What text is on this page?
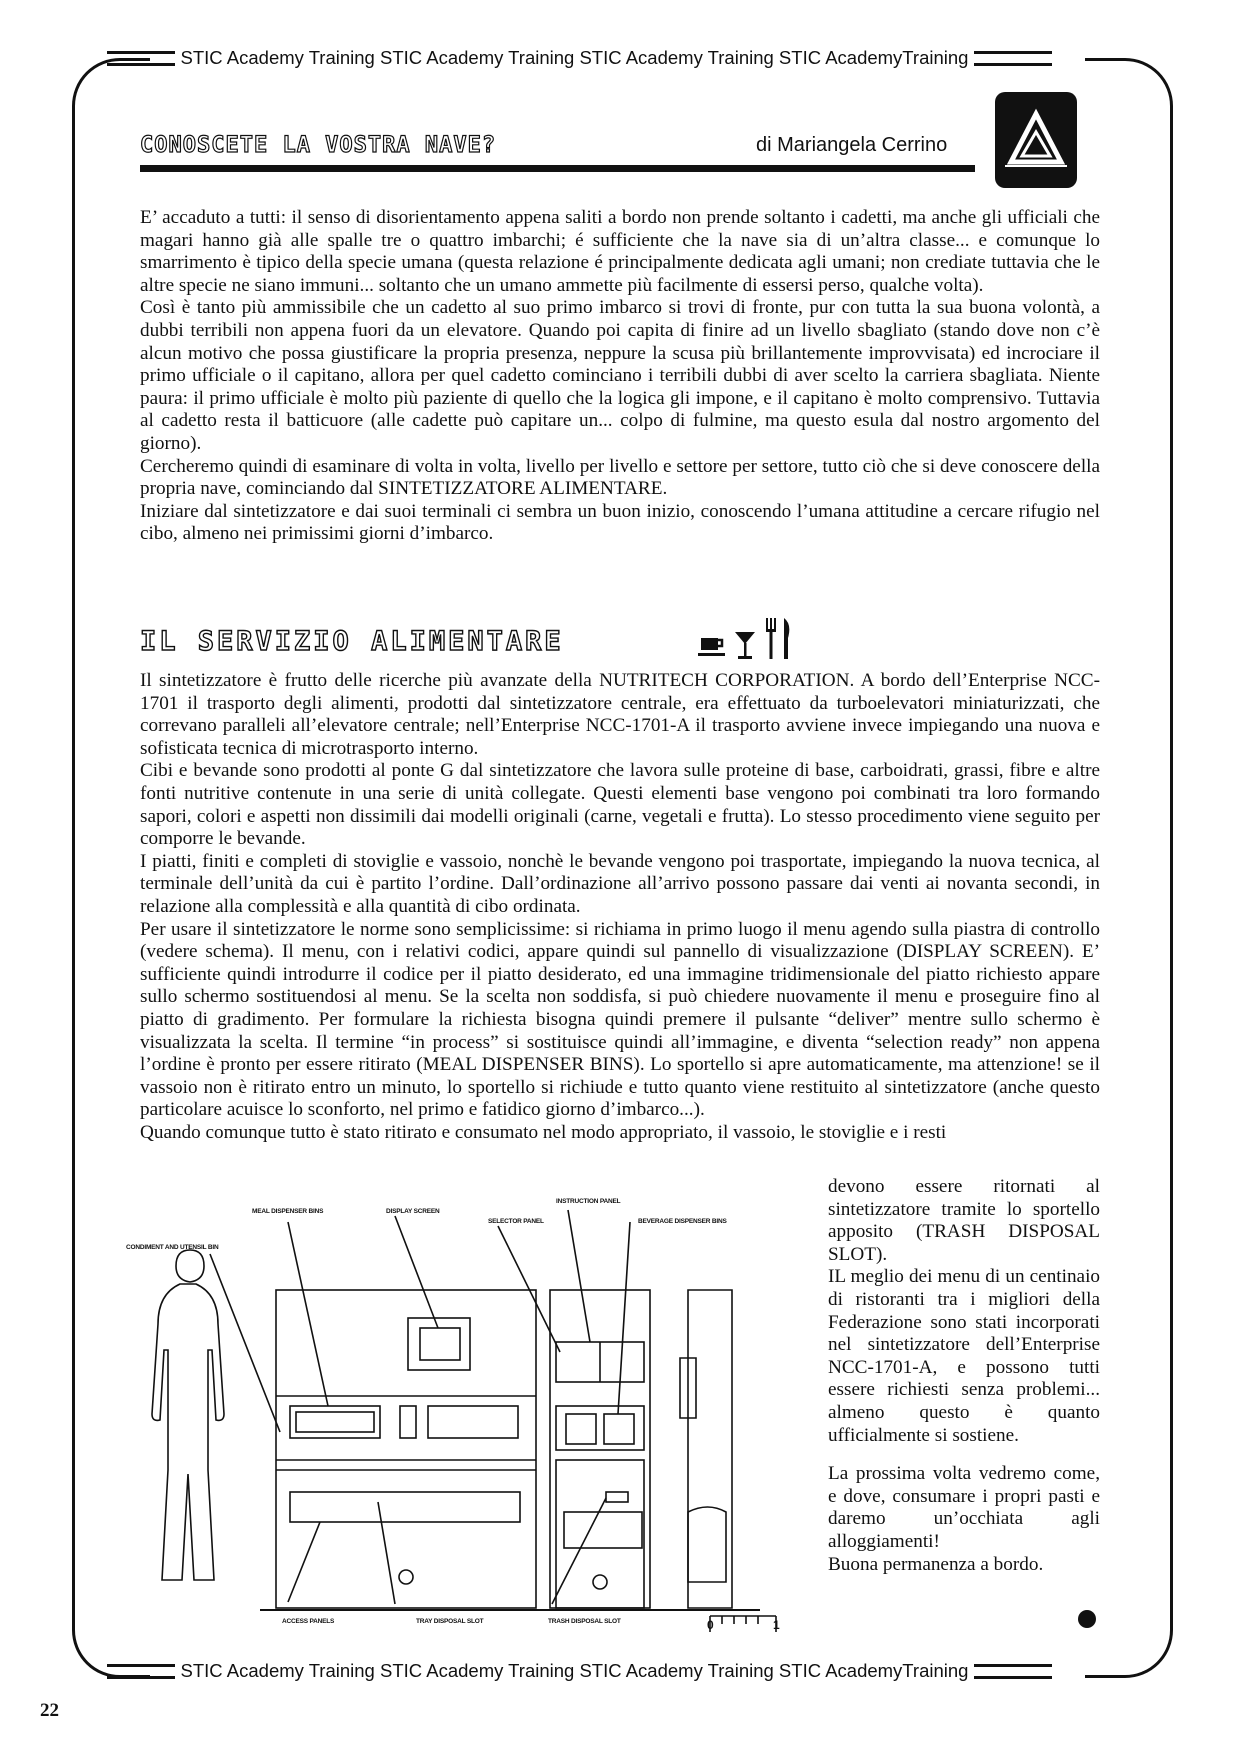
STIC Academy Training STIC Academy Training STIC Academy Training STIC AcademyTraining
CONOSCETE LA VOSTRA NAVE?	di Mariangela Cerrino

E’ accaduto a tutti: il senso di disorientamento appena saliti a bordo non prende soltanto i cadetti, ma anche gli ufficiali che magari hanno già alle spalle tre o quattro imbarchi; é sufficiente che la nave sia di un’altra classe... e comunque lo smarrimento è tipico della specie umana (questa relazione é principalmente dedicata agli umani; non crediate tuttavia che le altre specie ne siano immuni... soltanto che un umano ammette più facilmente di essersi perso, qualche volta).

Così è tanto più ammissibile che un cadetto al suo primo imbarco si trovi di fronte, pur con tutta la sua buona volontà, a dubbi terribili non appena fuori da un elevatore. Quando poi capita di finire ad un livello sbagliato (stando dove non c’è alcun motivo che possa giustificare la propria presenza, neppure la scusa più brillantemente improvvisata) ed incrociare il primo ufficiale o il capitano, allora per quel cadetto cominciano i terribili dubbi di aver scelto la carriera sbagliata. Niente paura: il primo ufficiale è molto più paziente di quello che la logica gli impone, e il capitano è molto comprensivo. Tuttavia al cadetto resta il batticuore (alle cadette può capitare un... colpo di fulmine, ma questo esula dal nostro argomento del giorno).

Cercheremo quindi di esaminare di volta in volta, livello per livello e settore per settore, tutto ciò che si deve conoscere della propria nave, cominciando dal SINTETIZZATORE ALIMENTARE.

Iniziare dal sintetizzatore e dai suoi terminali ci sembra un buon inizio, conoscendo l’umana attitudine a cercare rifugio nel cibo, almeno nei primissimi giorni d’imbarco.

IL SERVIZIO ALIMENTARE

Il sintetizzatore è frutto delle ricerche più avanzate della NUTRITECH CORPORATION. A bordo dell’Enterprise NCC-1701 il trasporto degli alimenti, prodotti dal sintetizzatore centrale, era effettuato da turboelevatori miniaturizzati, che correvano paralleli all’elevatore centrale; nell’Enterprise NCC-1701-A il trasporto avviene invece impiegando una nuova e sofisticata tecnica di microtrasporto interno.

Cibi e bevande sono prodotti al ponte G dal sintetizzatore che lavora sulle proteine di base, carboidrati, grassi, fibre e altre fonti nutritive contenute in una serie di unità collegate. Questi elementi base vengono poi combinati tra loro formando sapori, colori e aspetti non dissimili dai modelli originali (carne, vegetali e frutta). Lo stesso procedimento viene seguito per comporre le bevande.

I piatti, finiti e completi di stoviglie e vassoio, nonchè le bevande vengono poi trasportate, impiegando la nuova tecnica, al terminale dell’unità da cui è partito l’ordine. Dall’ordinazione all’arrivo possono passare dai venti ai novanta secondi, in relazione alla complessità e alla quantità di cibo ordinata.

Per usare il sintetizzatore le norme sono semplicissime: si richiama in primo luogo il menu agendo sulla piastra di controllo (vedere schema). Il menu, con i relativi codici, appare quindi sul pannello di visualizzazione (DISPLAY SCREEN). E’ sufficiente quindi introdurre il codice per il piatto desiderato, ed una immagine tridimensionale del piatto richiesto appare sullo schermo sostituendosi al menu. Se la scelta non soddisfa, si può chiedere nuovamente il menu e proseguire fino al piatto di gradimento. Per formulare la richiesta bisogna quindi premere il pulsante “deliver” mentre sullo schermo è visualizzata la scelta. Il termine “in process” si sostituisce quindi all’immagine, e diventa “selection ready” non appena l’ordine è pronto per essere ritirato (MEAL DISPENSER BINS). Lo sportello si apre automaticamente, ma attenzione! se il vassoio non è ritirato entro un minuto, lo sportello si richiude e tutto quanto viene restituito al sintetizzatore (anche questo particolare acuisce lo sconforto, nel primo e fatidico giorno d’imbarco...).

Quando comunque tutto è stato ritirato e consumato nel modo appropriato, il vassoio, le stoviglie e i resti

devono essere ritornati al sintetizzatore tramite lo sportello apposito (TRASH DISPOSAL SLOT).

IL meglio dei menu di un centinaio di ristoranti tra i migliori della Federazione sono stati incorporati nel sintetizzatore dell’Enterprise NCC-1701-A, e possono tutti essere richiesti senza problemi... almeno questo è quanto ufficialmente si sostiene.

La prossima volta vedremo come, e dove, consumare i propri pasti e daremo un’occhiata agli alloggiamenti!

Buona permanenza a bordo.

MEAL DISPENSER BINS	DISPLAY SCREEN
INSTRUCTION PANEL
SELECTOR PANEL	BEVERAGE DISPENSER BINS
CONDIMENT AND UTENSIL BIN
ACCESS PANELS	TRAY DISPOSAL SLOT	TRASH DISPOSAL SLOT	0	1
STIC Academy Training STIC Academy Training STIC Academy Training STIC AcademyTraining
22
